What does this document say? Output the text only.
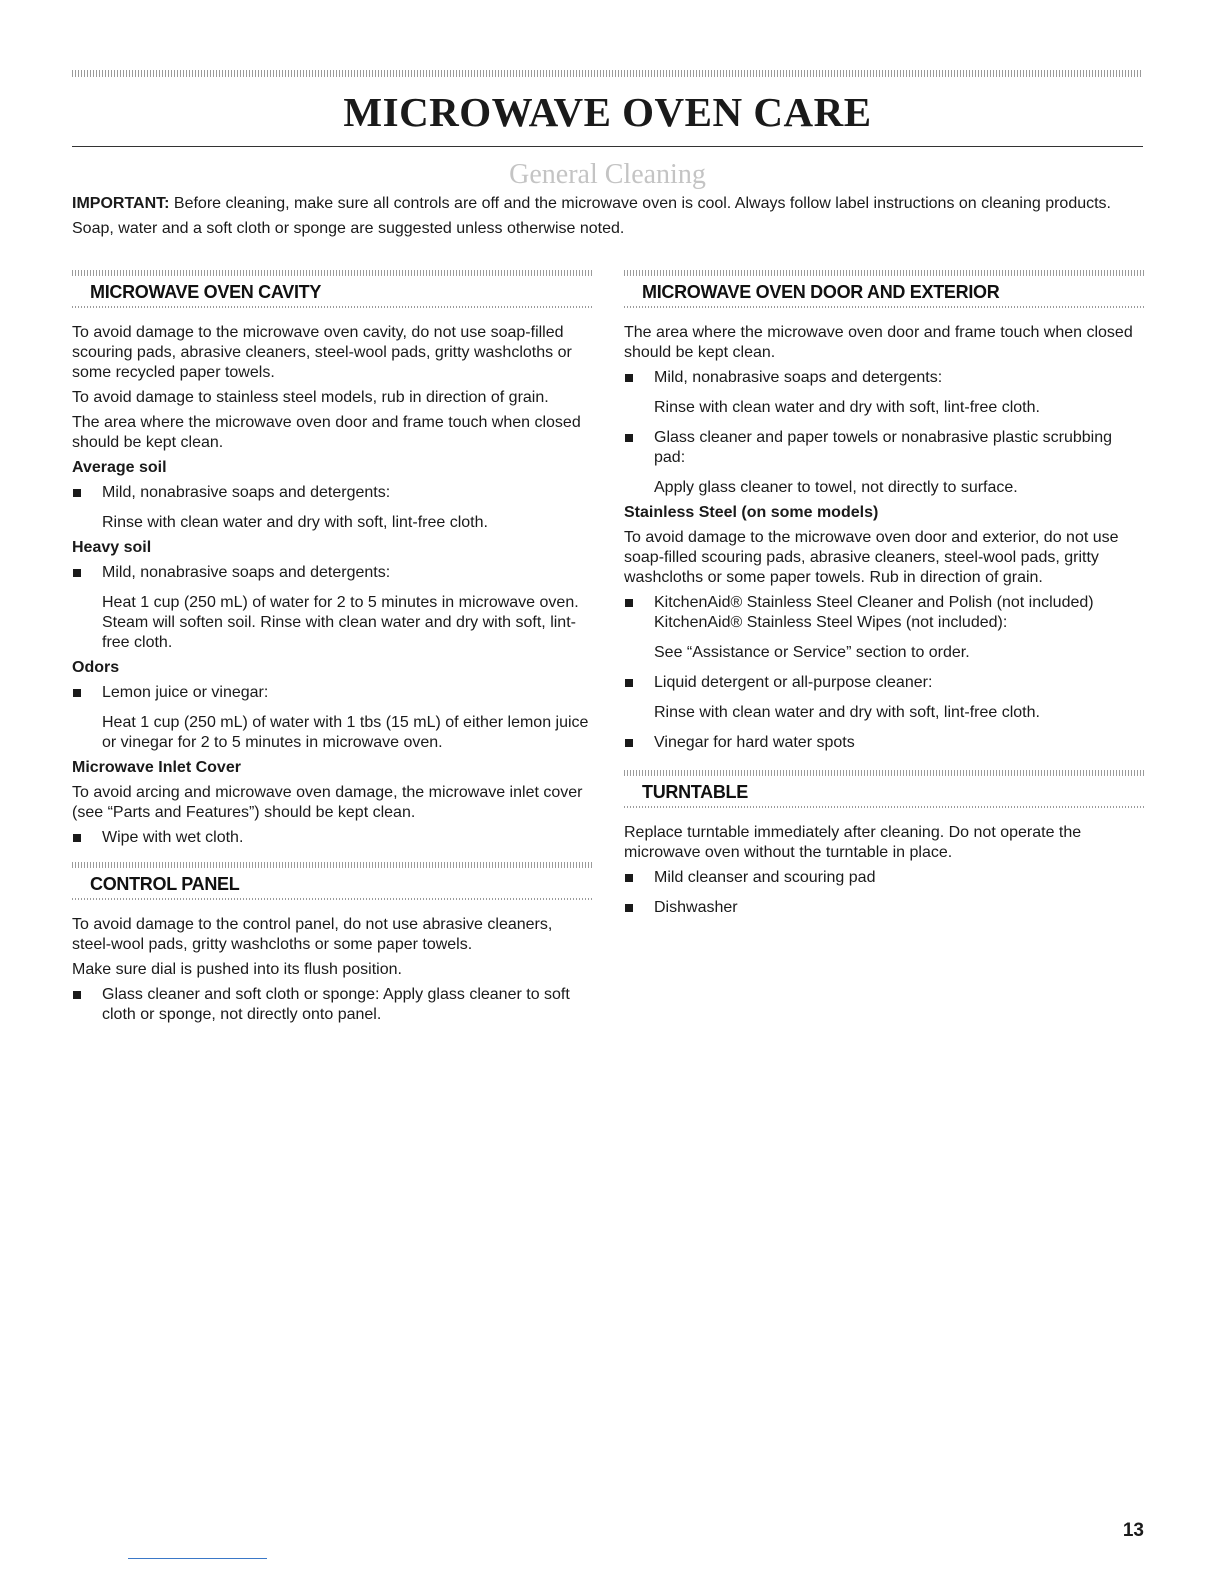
MICROWAVE OVEN CARE
General Cleaning

IMPORTANT: Before cleaning, make sure all controls are off and the microwave oven is cool. Always follow label instructions on cleaning products.

Soap, water and a soft cloth or sponge are suggested unless otherwise noted.

MICROWAVE OVEN CAVITY

To avoid damage to the microwave oven cavity, do not use soap-filled scouring pads, abrasive cleaners, steel-wool pads, gritty washcloths or some recycled paper towels.

To avoid damage to stainless steel models, rub in direction of grain.

The area where the microwave oven door and frame touch when closed should be kept clean.

Average soil
Mild, nonabrasive soaps and detergents:

Rinse with clean water and dry with soft, lint-free cloth.

Heavy soil
Mild, nonabrasive soaps and detergents:

Heat 1 cup (250 mL) of water for 2 to 5 minutes in microwave oven. Steam will soften soil. Rinse with clean water and dry with soft, lint-free cloth.

Odors
Lemon juice or vinegar:

Heat 1 cup (250 mL) of water with 1 tbs (15 mL) of either lemon juice or vinegar for 2 to 5 minutes in microwave oven.

Microwave Inlet Cover

To avoid arcing and microwave oven damage, the microwave inlet cover (see “Parts and Features”) should be kept clean.

Wipe with wet cloth.
CONTROL PANEL

To avoid damage to the control panel, do not use abrasive cleaners, steel-wool pads, gritty washcloths or some paper towels.

Make sure dial is pushed into its flush position.

Glass cleaner and soft cloth or sponge: Apply glass cleaner to soft cloth or sponge, not directly onto panel.
MICROWAVE OVEN DOOR AND EXTERIOR

The area where the microwave oven door and frame touch when closed should be kept clean.

Mild, nonabrasive soaps and detergents:

Rinse with clean water and dry with soft, lint-free cloth.

Glass cleaner and paper towels or nonabrasive plastic scrubbing pad:

Apply glass cleaner to towel, not directly to surface.

Stainless Steel (on some models)

To avoid damage to the microwave oven door and exterior, do not use soap-filled scouring pads, abrasive cleaners, steel-wool pads, gritty washcloths or some paper towels. Rub in direction of grain.

KitchenAid® Stainless Steel Cleaner and Polish (not included)
KitchenAid® Stainless Steel Wipes (not included):

See “Assistance or Service” section to order.

Liquid detergent or all-purpose cleaner:

Rinse with clean water and dry with soft, lint-free cloth.

Vinegar for hard water spots
TURNTABLE

Replace turntable immediately after cleaning. Do not operate the microwave oven without the turntable in place.

Mild cleanser and scouring pad
Dishwasher
13
